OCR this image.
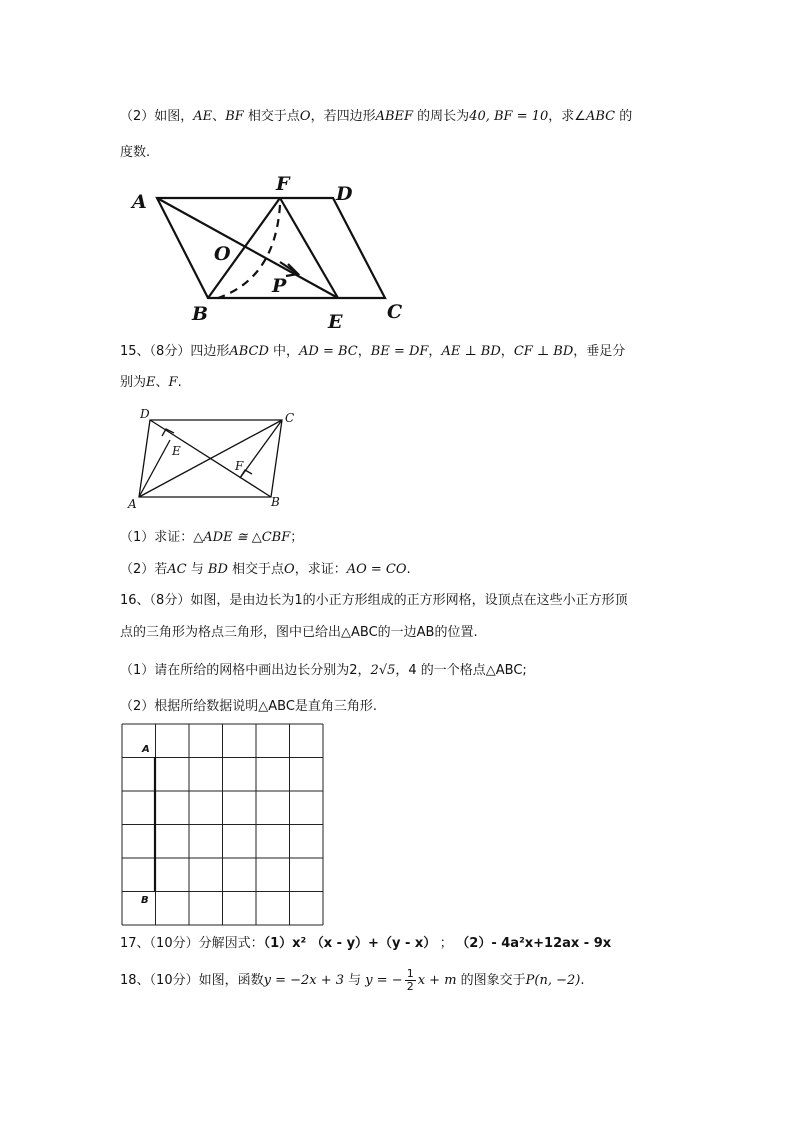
（2）如图，AE、BF 相交于点O，若四边形ABEF 的周长为40, BF = 10，求∠ABC 的
度数.
A
F D
O
P
B	E C
15、（8分）四边形ABCD 中，AD = BC，BE = DF，AE ⊥ BD，CF ⊥ BD，垂足分
别为E、F.
D	C
E
F
A	B
（1）求证：△ADE ≅ △CBF；
（2）若AC 与 BD 相交于点O，求证：AO = CO.
16、（8分）如图，是由边长为1的小正方形组成的正方形网格，设顶点在这些小正方形顶
点的三角形为格点三角形，图中已给出△ABC的一边AB的位置.
（1）请在所给的网格中画出边长分别为2，2√5，4 的一个格点△ABC;
（2）根据所给数据说明△ABC是直角三角形.
A
B
17、（10分）分解因式：（1）x² （x - y）+（y - x） ； （2）- 4a²x+12ax - 9x
18、（10分）如图，函数y = −2x + 3 与 y = − $\frac{1}{2}$ x + m 的图象交于P(n, −2).
